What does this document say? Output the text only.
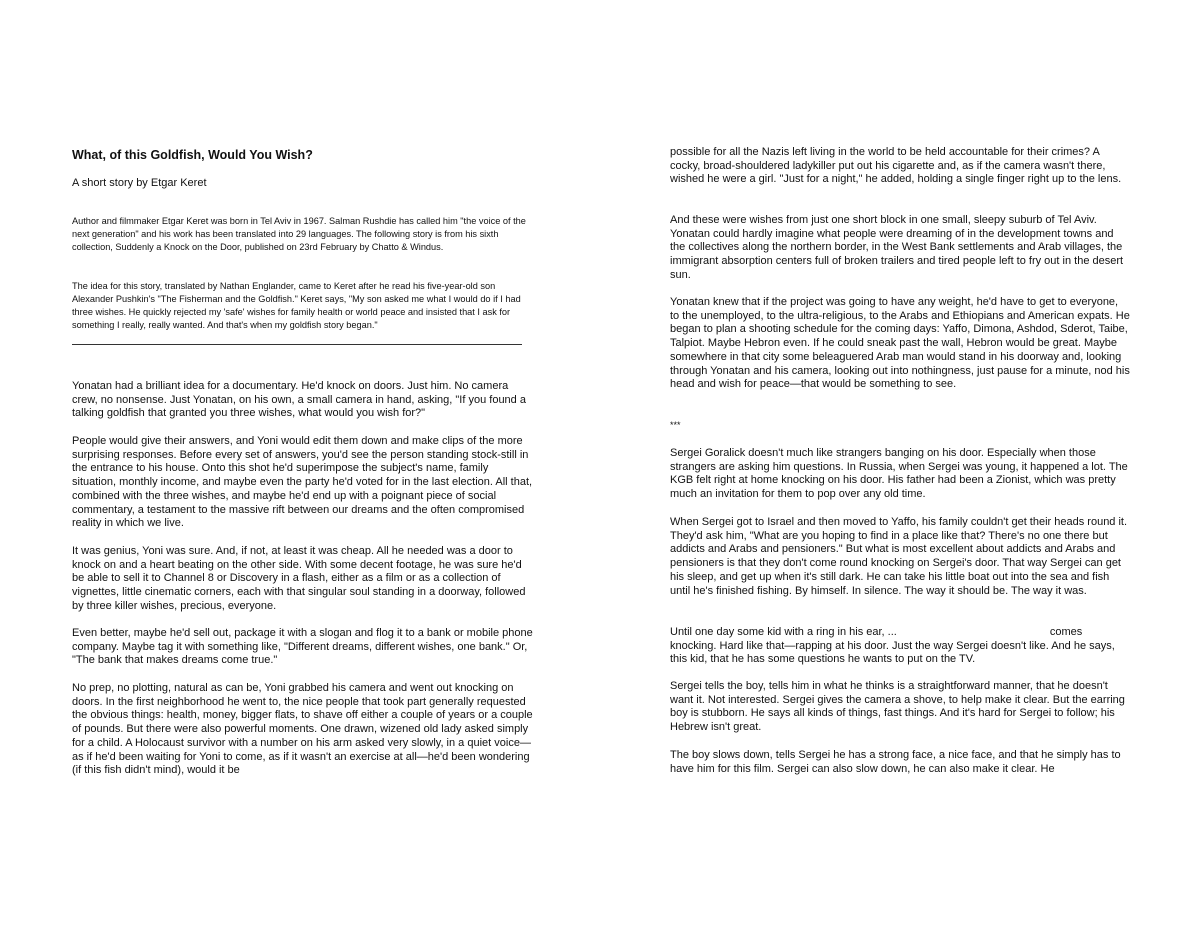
What, of this Goldfish, Would You Wish?

A short story by Etgar Keret

Author and filmmaker Etgar Keret was born in Tel Aviv in 1967. Salman Rushdie has called him "the voice of the next generation" and his work has been translated into 29 languages. The following story is from his sixth collection, Suddenly a Knock on the Door, published on 23rd February by Chatto & Windus.

The idea for this story, translated by Nathan Englander, came to Keret after he read his five-year-old son Alexander Pushkin's "The Fisherman and the Goldfish." Keret says, "My son asked me what I would do if I had three wishes. He quickly rejected my 'safe' wishes for family health or world peace and insisted that I ask for something I really, really wanted. And that's when my goldfish story began."

Yonatan had a brilliant idea for a documentary. He'd knock on doors. Just him. No camera crew, no nonsense. Just Yonatan, on his own, a small camera in hand, asking, "If you found a talking goldfish that granted you three wishes, what would you wish for?"

People would give their answers, and Yoni would edit them down and make clips of the more surprising responses. Before every set of answers, you'd see the person standing stock-still in the entrance to his house. Onto this shot he'd superimpose the subject's name, family situation, monthly income, and maybe even the party he'd voted for in the last election. All that, combined with the three wishes, and maybe he'd end up with a poignant piece of social commentary, a testament to the massive rift between our dreams and the often compromised reality in which we live.

It was genius, Yoni was sure. And, if not, at least it was cheap. All he needed was a door to knock on and a heart beating on the other side. With some decent footage, he was sure he'd be able to sell it to Channel 8 or Discovery in a flash, either as a film or as a collection of vignettes, little cinematic corners, each with that singular soul standing in a doorway, followed by three killer wishes, precious, everyone.

Even better, maybe he'd sell out, package it with a slogan and flog it to a bank or mobile phone company. Maybe tag it with something like, "Different dreams, different wishes, one bank." Or, "The bank that makes dreams come true."

No prep, no plotting, natural as can be, Yoni grabbed his camera and went out knocking on doors. In the first neighborhood he went to, the nice people that took part generally requested the obvious things: health, money, bigger flats, to shave off either a couple of years or a couple of pounds. But there were also powerful moments. One drawn, wizened old lady asked simply for a child. A Holocaust survivor with a number on his arm asked very slowly, in a quiet voice—as if he'd been waiting for Yoni to come, as if it wasn't an exercise at all—he'd been wondering (if this fish didn't mind), would it be

possible for all the Nazis left living in the world to be held accountable for their crimes? A cocky, broad-shouldered ladykiller put out his cigarette and, as if the camera wasn't there, wished he were a girl. "Just for a night," he added, holding a single finger right up to the lens.

And these were wishes from just one short block in one small, sleepy suburb of Tel Aviv. Yonatan could hardly imagine what people were dreaming of in the development towns and the collectives along the northern border, in the West Bank settlements and Arab villages, the immigrant absorption centers full of broken trailers and tired people left to fry out in the desert sun.

Yonatan knew that if the project was going to have any weight, he'd have to get to everyone, to the unemployed, to the ultra-religious, to the Arabs and Ethiopians and American expats. He began to plan a shooting schedule for the coming days: Yaffo, Dimona, Ashdod, Sderot, Taibe, Talpiot. Maybe Hebron even. If he could sneak past the wall, Hebron would be great. Maybe somewhere in that city some beleaguered Arab man would stand in his doorway and, looking through Yonatan and his camera, looking out into nothingness, just pause for a minute, nod his head and wish for peace—that would be something to see.

***

Sergei Goralick doesn't much like strangers banging on his door. Especially when those strangers are asking him questions. In Russia, when Sergei was young, it happened a lot. The KGB felt right at home knocking on his door. His father had been a Zionist, which was pretty much an invitation for them to pop over any old time.

When Sergei got to Israel and then moved to Yaffo, his family couldn't get their heads round it. They'd ask him, "What are you hoping to find in a place like that? There's no one there but addicts and Arabs and pensioners." But what is most excellent about addicts and Arabs and pensioners is that they don't come round knocking on Sergei's door. That way Sergei can get his sleep, and get up when it's still dark. He can take his little boat out into the sea and fish until he's finished fishing. By himself. In silence. The way it should be. The way it was.

Until one day some kid with a ring in his ear, ...	comes knocking. Hard like that—rapping at his door. Just the way Sergei doesn't like. And he says, this kid, that he has some questions he wants to put on the TV.

Sergei tells the boy, tells him in what he thinks is a straightforward manner, that he doesn't want it. Not interested. Sergei gives the camera a shove, to help make it clear. But the earring boy is stubborn. He says all kinds of things, fast things. And it's hard for Sergei to follow; his Hebrew isn't great.

The boy slows down, tells Sergei he has a strong face, a nice face, and that he simply has to have him for this film. Sergei can also slow down, he can also make it clear. He
